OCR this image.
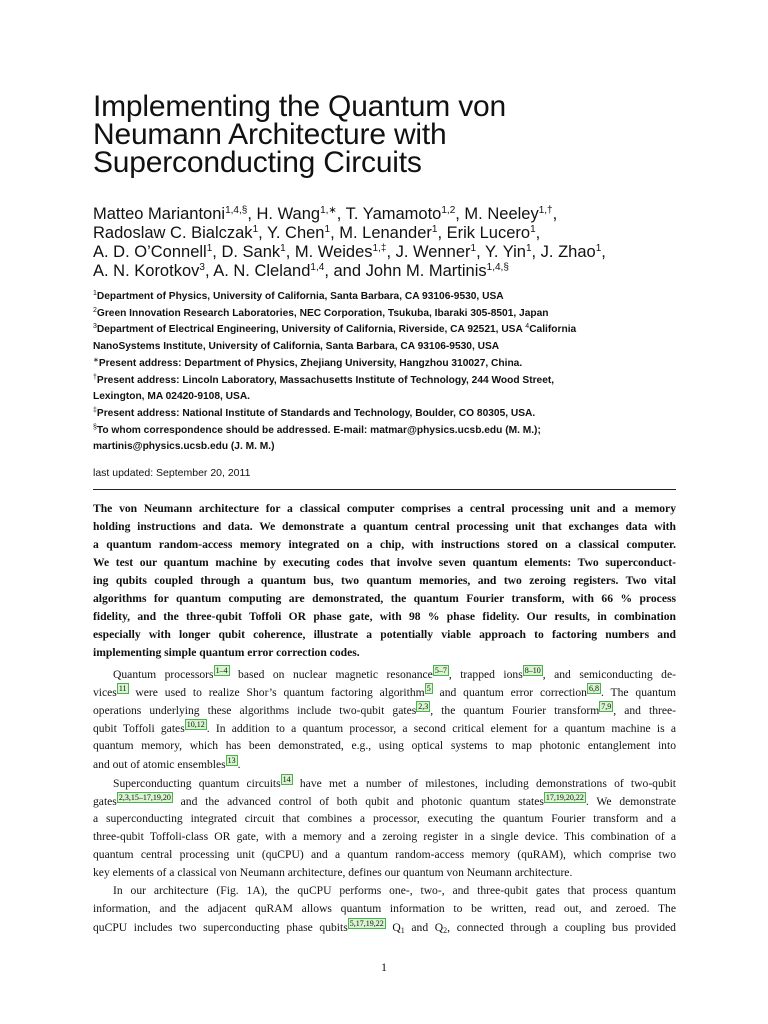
Implementing the Quantum von
Neumann Architecture with
Superconducting Circuits
Matteo Mariantoni$^{1,4,\S}$, H. Wang$^{1,∗}$, T. Yamamoto$^{1,2}$, M. Neeley$^{1,\dagger}$,
Radoslaw C. Bialczak$^1$, Y. Chen$^1$, M. Lenander$^1$, Erik Lucero$^1$,
A. D. O’Connell$^1$, D. Sank$^1$, M. Weides$^{1,\ddagger}$, J. Wenner$^1$, Y. Yin$^1$, J. Zhao$^1$,
A. N. Korotkov$^3$, A. N. Cleland$^{1,4}$, and John M. Martinis$^{1,4,\S}$
$^1$Department of Physics, University of California, Santa Barbara, CA 93106-9530, USA
$^2$Green Innovation Research Laboratories, NEC Corporation, Tsukuba, Ibaraki 305-8501, Japan
$^3$Department of Electrical Engineering, University of California, Riverside, CA 92521, USA $^4$California
NanoSystems Institute, University of California, Santa Barbara, CA 93106-9530, USA
∗Present address: Department of Physics, Zhejiang University, Hangzhou 310027, China.
†Present address: Lincoln Laboratory, Massachusetts Institute of Technology, 244 Wood Street,
Lexington, MA 02420-9108, USA.
‡Present address: National Institute of Standards and Technology, Boulder, CO 80305, USA.
§To whom correspondence should be addressed. E-mail: matmar@physics.ucsb.edu (M. M.);
martinis@physics.ucsb.edu (J. M. M.)
last updated: September 20, 2011
The von Neumann architecture for a classical computer comprises a central processing unit and a memory
holding instructions and data. We demonstrate a quantum central processing unit that exchanges data with
a quantum random-access memory integrated on a chip, with instructions stored on a classical computer.
We test our quantum machine by executing codes that involve seven quantum elements: Two superconduct-
ing qubits coupled through a quantum bus, two quantum memories, and two zeroing registers. Two vital
algorithms for quantum computing are demonstrated, the quantum Fourier transform, with 66 % process
fidelity, and the three-qubit Toffoli OR phase gate, with 98 % phase fidelity. Our results, in combination
especially with longer qubit coherence, illustrate a potentially viable approach to factoring numbers and
implementing simple quantum error correction codes.
Quantum processors 1–4 based on nuclear magnetic resonance 5–7 , trapped ions 8–10 , and semiconducting de-
vices 11 were used to realize Shor’s quantum factoring algorithm 5 and quantum error correction 6,8 . The quantum
operations underlying these algorithms include two-qubit gates 2,3 , the quantum Fourier transform 7,9 , and three-
qubit Toffoli gates 10,12 . In addition to a quantum processor, a second critical element for a quantum machine is a
quantum memory, which has been demonstrated, e.g., using optical systems to map photonic entanglement into
and out of atomic ensembles 13 .
Superconducting quantum circuits 14 have met a number of milestones, including demonstrations of two-qubit
gates 2,3,15–17,19,20 and the advanced control of both qubit and photonic quantum states 17,19,20,22 . We demonstrate
a superconducting integrated circuit that combines a processor, executing the quantum Fourier transform and a
three-qubit Toffoli-class OR gate, with a memory and a zeroing register in a single device. This combination of a
quantum central processing unit (quCPU) and a quantum random-access memory (quRAM), which comprise two
key elements of a classical von Neumann architecture, defines our quantum von Neumann architecture.
In our architecture (Fig. 1A), the quCPU performs one-, two-, and three-qubit gates that process quantum
information, and the adjacent quRAM allows quantum information to be written, read out, and zeroed. The
quCPU includes two superconducting phase qubits 5,17,19,22 $Q_1$ and $Q_2$, connected through a coupling bus provided
1
